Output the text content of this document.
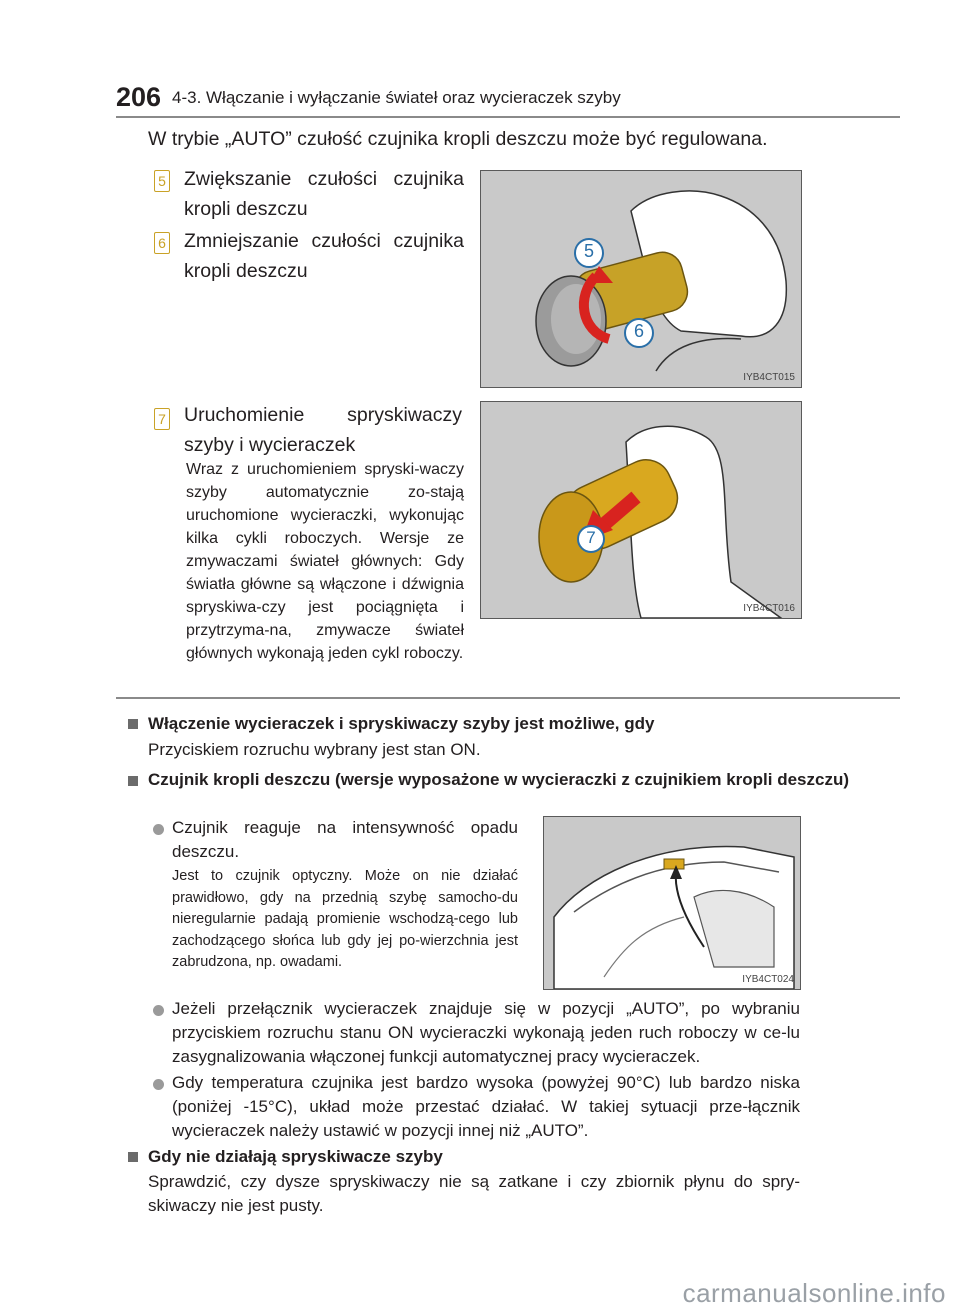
206 4-3. Włączanie i wyłączanie świateł oraz wycieraczek szyby
W trybie „AUTO” czułość czujnika kropli deszczu może być regulowana.
5 Zwiększanie czułości czujnika kropli deszczu
6 Zmniejszanie czułości czujnika kropli deszczu
5
6
IYB4CT015
7 Uruchomienie spryskiwaczy szyby i wycieraczek
Wraz z uruchomieniem spryski-waczy szyby automatycznie zo-stają uruchomione wycieraczki, wykonując kilka cykli roboczych. Wersje ze zmywaczami świateł głównych: Gdy światła główne są włączone i dźwignia spryskiwa-czy jest pociągnięta i przytrzyma-na, zmywacze świateł głównych wykonają jeden cykl roboczy.
7
IYB4CT016
Włączenie wycieraczek i spryskiwaczy szyby jest możliwe, gdy
Przyciskiem rozruchu wybrany jest stan ON.
Czujnik kropli deszczu (wersje wyposażone w wycieraczki z czujnikiem kropli deszczu)
Czujnik reaguje na intensywność opadu deszczu.
Jest to czujnik optyczny. Może on nie działać prawidłowo, gdy na przednią szybę samocho-du nieregularnie padają promienie wschodzą-cego lub zachodzącego słońca lub gdy jej po-wierzchnia jest zabrudzona, np. owadami.
IYB4CT024
Jeżeli przełącznik wycieraczek znajduje się w pozycji „AUTO”, po wybraniu przyciskiem rozruchu stanu ON wycieraczki wykonają jeden ruch roboczy w ce-lu zasygnalizowania włączonej funkcji automatycznej pracy wycieraczek.
Gdy temperatura czujnika jest bardzo wysoka (powyżej 90°C) lub bardzo niska (poniżej -15°C), układ może przestać działać. W takiej sytuacji prze-łącznik wycieraczek należy ustawić w pozycji innej niż „AUTO”.
Gdy nie działają spryskiwacze szyby
Sprawdzić, czy dysze spryskiwaczy nie są zatkane i czy zbiornik płynu do spry-skiwaczy nie jest pusty.
carmanualsonline.info
